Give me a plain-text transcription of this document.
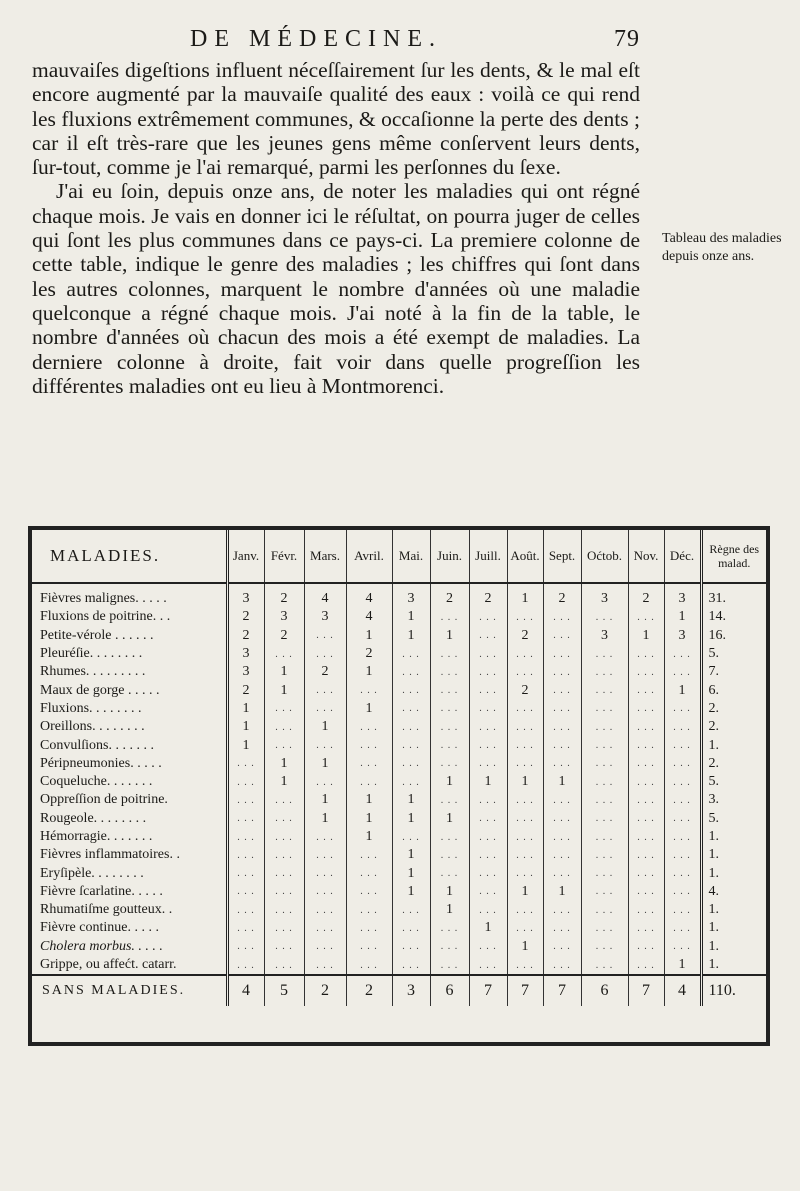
DE MÉDECINE.	79

mauvaiſes digeſtions influent néceſſairement ſur les dents, & le mal eſt encore augmenté par la mauvaiſe qualité des eaux : voilà ce qui rend les fluxions extrêmement communes, & occaſionne la perte des dents ; car il eſt très-rare que les jeunes gens même conſervent leurs dents, ſur-tout, comme je l'ai remarqué, parmi les perſonnes du ſexe.

J'ai eu ſoin, depuis onze ans, de noter les maladies qui ont régné chaque mois. Je vais en donner ici le réſultat, on pourra juger de celles qui ſont les plus communes dans ce pays-ci. La premiere colonne de cette table, indique le genre des maladies ; les chiffres qui ſont dans les autres colonnes, marquent le nombre d'années où une maladie quelconque a régné chaque mois. J'ai noté à la fin de la table, le nombre d'années où chacun des mois a été exempt de maladies. La derniere colonne à droite, fait voir dans quelle progreſſion les différentes maladies ont eu lieu à Montmorenci.

Tableau des maladies depuis onze ans.
MALADIES.	Janv.	Févr.	Mars.	Avril.	Mai.	Juin.	Juill.	Août.	Sept.	Oćtob.	Nov.	Déc.	Règne des malad.
Fièvres malignes. . . . .	3	2	4	4	3	2	2	1	2	3	2	3	31.
Fluxions de poitrine. . .	2	3	3	4	1	. . .	. . .	. . .	. . .	. . .	. . .	1	14.
Petite-vérole . . . . . .	2	2	. . .	1	1	1	. . .	2	. . .	3	1	3	16.
Pleuréſie. . . . . . . .	3	. . .	. . .	2	. . .	. . .	. . .	. . .	. . .	. . .	. . .	. . .	5.
Rhumes. . . . . . . . .	3	1	2	1	. . .	. . .	. . .	. . .	. . .	. . .	. . .	. . .	7.
Maux de gorge . . . . .	2	1	. . .	. . .	. . .	. . .	. . .	2	. . .	. . .	. . .	1	6.
Fluxions. . . . . . . .	1	. . .	. . .	1	. . .	. . .	. . .	. . .	. . .	. . .	. . .	. . .	2.
Oreillons. . . . . . . .	1	. . .	1	. . .	. . .	. . .	. . .	. . .	. . .	. . .	. . .	. . .	2.
Convulſions. . . . . . .	1	. . .	. . .	. . .	. . .	. . .	. . .	. . .	. . .	. . .	. . .	. . .	1.
Péripneumonies. . . . .	. . .	1	1	. . .	. . .	. . .	. . .	. . .	. . .	. . .	. . .	. . .	2.
Coqueluche. . . . . . .	. . .	1	. . .	. . .	. . .	1	1	1	1	. . .	. . .	. . .	5.
Oppreſſion de poitrine.	. . .	. . .	1	1	1	. . .	. . .	. . .	. . .	. . .	. . .	. . .	3.
Rougeole. . . . . . . .	. . .	. . .	1	1	1	1	. . .	. . .	. . .	. . .	. . .	. . .	5.
Hémorragie. . . . . . .	. . .	. . .	. . .	1	. . .	. . .	. . .	. . .	. . .	. . .	. . .	. . .	1.
Fièvres inflammatoires. .	. . .	. . .	. . .	. . .	1	. . .	. . .	. . .	. . .	. . .	. . .	. . .	1.
Eryſipèle. . . . . . . .	. . .	. . .	. . .	. . .	1	. . .	. . .	. . .	. . .	. . .	. . .	. . .	1.
Fièvre ſcarlatine. . . . .	. . .	. . .	. . .	. . .	1	1	. . .	1	1	. . .	. . .	. . .	4.
Rhumatiſme goutteux. .	. . .	. . .	. . .	. . .	. . .	1	. . .	. . .	. . .	. . .	. . .	. . .	1.
Fièvre continue. . . . .	. . .	. . .	. . .	. . .	. . .	. . .	1	. . .	. . .	. . .	. . .	. . .	1.
Cholera morbus. . . . .	. . .	. . .	. . .	. . .	. . .	. . .	. . .	1	. . .	. . .	. . .	. . .	1.
Grippe, ou affećt. catarr.	. . .	. . .	. . .	. . .	. . .	. . .	. . .	. . .	. . .	. . .	. . .	1	1.
SANS MALADIES.	4	5	2	2	3	6	7	7	7	6	7	4	110.
